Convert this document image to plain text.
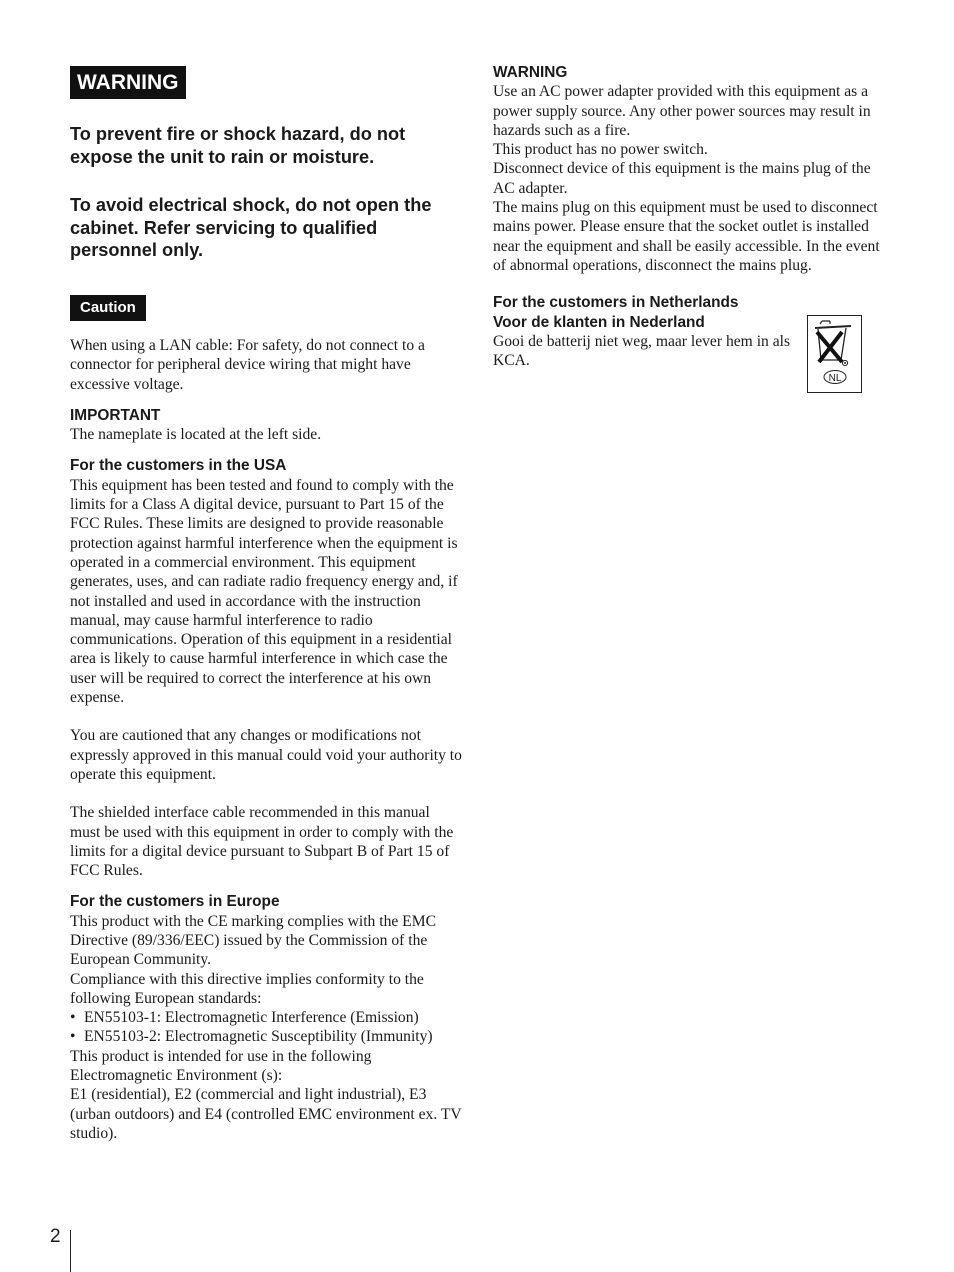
WARNING

To prevent fire or shock hazard, do not expose the unit to rain or moisture.

To avoid electrical shock, do not open the cabinet. Refer servicing to qualified personnel only.

Caution

When using a LAN cable: For safety, do not connect to a connector for peripheral device wiring that might have excessive voltage.

IMPORTANT

The nameplate is located at the left side.

For the customers in the USA

This equipment has been tested and found to comply with the limits for a Class A digital device, pursuant to Part 15 of the FCC Rules. These limits are designed to provide reasonable protection against harmful interference when the equipment is operated in a commercial environment. This equipment generates, uses, and can radiate radio frequency energy and, if not installed and used in accordance with the instruction manual, may cause harmful interference to radio communications. Operation of this equipment in a residential area is likely to cause harmful interference in which case the user will be required to correct the interference at his own expense.

You are cautioned that any changes or modifications not expressly approved in this manual could void your authority to operate this equipment.

The shielded interface cable recommended in this manual must be used with this equipment in order to comply with the limits for a digital device pursuant to Subpart B of Part 15 of FCC Rules.

For the customers in Europe

This product with the CE marking complies with the EMC Directive (89/336/EEC) issued by the Commission of the European Community.

Compliance with this directive implies conformity to the following European standards:

• EN55103-1: Electromagnetic Interference (Emission)
• EN55103-2: Electromagnetic Susceptibility (Immunity)

This product is intended for use in the following Electromagnetic Environment (s):

E1 (residential), E2 (commercial and light industrial), E3 (urban outdoors) and E4 (controlled EMC environment ex. TV studio).

WARNING

Use an AC power adapter provided with this equipment as a power supply source. Any other power sources may result in hazards such as a fire.

This product has no power switch.

Disconnect device of this equipment is the mains plug of the AC adapter.

The mains plug on this equipment must be used to disconnect mains power. Please ensure that the socket outlet is installed near the equipment and shall be easily accessible. In the event of abnormal operations, disconnect the mains plug.

For the customers in Netherlands

Voor de klanten in Nederland

Gooi de batterij niet weg, maar lever hem in als KCA.

NL
2
